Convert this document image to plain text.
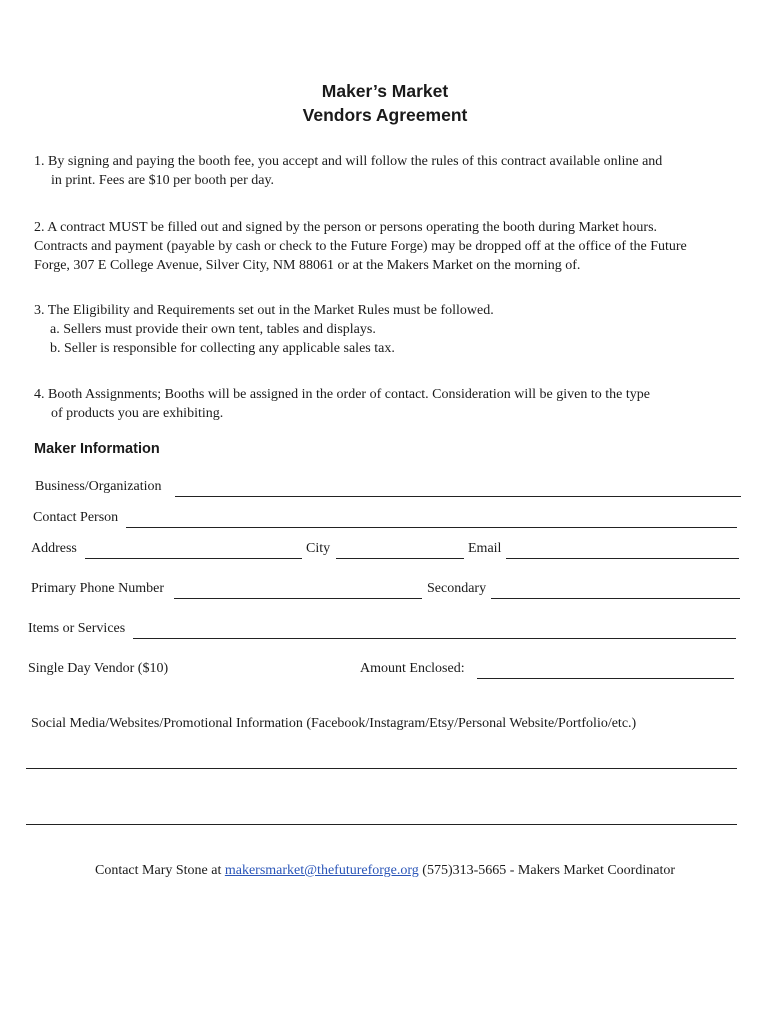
Maker’s Market
Vendors Agreement
1. By signing and paying the booth fee, you accept and will follow the rules of this contract available online and
in print. Fees are $10 per booth per day.
2. A contract MUST be filled out and signed by the person or persons operating the booth during Market hours.
Contracts and payment (payable by cash or check to the Future Forge) may be dropped off at the office of the Future
Forge, 307 E College Avenue, Silver City, NM 88061 or at the Makers Market on the morning of.
3. The Eligibility and Requirements set out in the Market Rules must be followed.
a. Sellers must provide their own tent, tables and displays.
b. Seller is responsible for collecting any applicable sales tax.
4. Booth Assignments; Booths will be assigned in the order of contact. Consideration will be given to the type
of products you are exhibiting.
Maker Information
Business/Organization
Contact Person
Address	City	Email
Primary Phone Number	Secondary
Items or Services
Single Day Vendor ($10)	Amount Enclosed:
Social Media/Websites/Promotional Information (Facebook/Instagram/Etsy/Personal Website/Portfolio/etc.)
Contact Mary Stone at makersmarket@thefutureforge.org (575)313-5665 - Makers Market Coordinator
